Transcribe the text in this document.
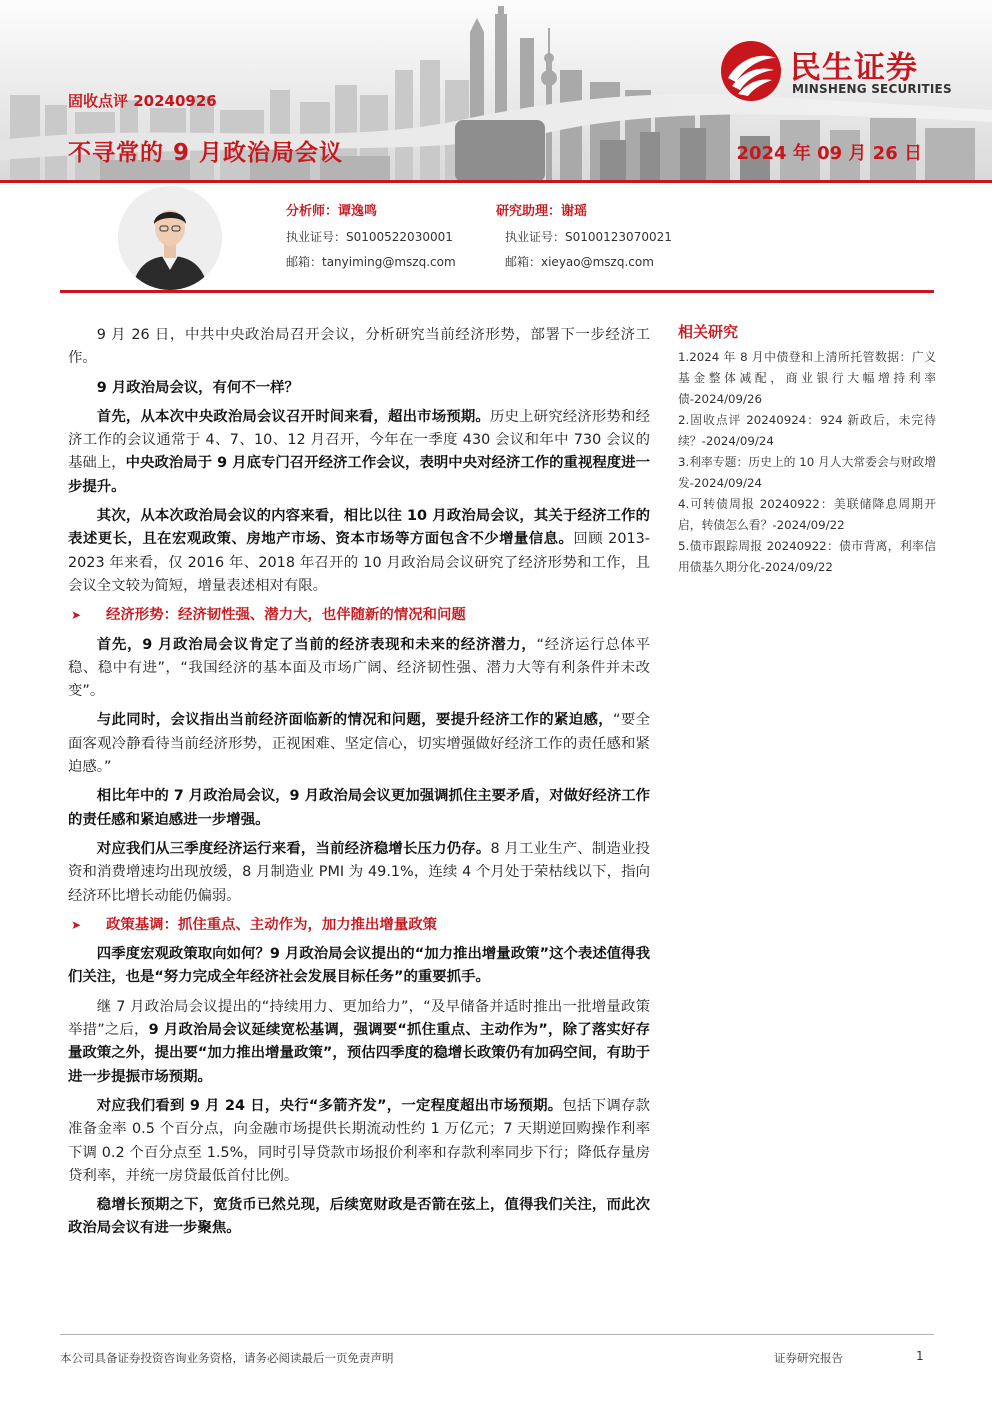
固收点评 20240926
不寻常的 9 月政治局会议	2024 年 09 月 26 日
民生证券
MINSHENG SECURITIES
分析师：谭逸鸣
执业证号：S0100522030001
邮箱：tanyiming@mszq.com
研究助理：谢瑶
执业证号：S0100123070021
邮箱：xieyao@mszq.com

9 月 26 日，中共中央政治局召开会议，分析研究当前经济形势，部署下一步经济工作。

9 月政治局会议，有何不一样？

首先，从本次中央政治局会议召开时间来看，超出市场预期。历史上研究经济形势和经济工作的会议通常于 4、7、10、12 月召开，今年在一季度 430 会议和年中 730 会议的基础上，中央政治局于 9 月底专门召开经济工作会议，表明中央对经济工作的重视程度进一步提升。

其次，从本次政治局会议的内容来看，相比以往 10 月政治局会议，其关于经济工作的表述更长，且在宏观政策、房地产市场、资本市场等方面包含不少增量信息。回顾 2013-2023 年来看，仅 2016 年、2018 年召开的 10 月政治局会议研究了经济形势和工作，且会议全文较为简短，增量表述相对有限。

➤	经济形势：经济韧性强、潜力大，也伴随新的情况和问题

首先，9 月政治局会议肯定了当前的经济表现和未来的经济潜力，“经济运行总体平稳、稳中有进”，“我国经济的基本面及市场广阔、经济韧性强、潜力大等有利条件并未改变”。

与此同时，会议指出当前经济面临新的情况和问题，要提升经济工作的紧迫感，“要全面客观冷静看待当前经济形势，正视困难、坚定信心，切实增强做好经济工作的责任感和紧迫感。”

相比年中的 7 月政治局会议，9 月政治局会议更加强调抓住主要矛盾，对做好经济工作的责任感和紧迫感进一步增强。

对应我们从三季度经济运行来看，当前经济稳增长压力仍存。8 月工业生产、制造业投资和消费增速均出现放缓，8 月制造业 PMI 为 49.1%，连续 4 个月处于荣枯线以下，指向经济环比增长动能仍偏弱。

➤	政策基调：抓住重点、主动作为，加力推出增量政策

四季度宏观政策取向如何？9 月政治局会议提出的“加力推出增量政策”这个表述值得我们关注，也是“努力完成全年经济社会发展目标任务”的重要抓手。

继 7 月政治局会议提出的“持续用力、更加给力”，“及早储备并适时推出一批增量政策举措”之后，9 月政治局会议延续宽松基调，强调要“抓住重点、主动作为”，除了落实好存量政策之外，提出要“加力推出增量政策”，预估四季度的稳增长政策仍有加码空间，有助于进一步提振市场预期。

对应我们看到 9 月 24 日，央行“多箭齐发”，一定程度超出市场预期。包括下调存款准备金率 0.5 个百分点，向金融市场提供长期流动性约 1 万亿元；7 天期逆回购操作利率下调 0.2 个百分点至 1.5%，同时引导贷款市场报价利率和存款利率同步下行；降低存量房贷利率，并统一房贷最低首付比例。

稳增长预期之下，宽货币已然兑现，后续宽财政是否箭在弦上，值得我们关注，而此次政治局会议有进一步聚焦。

相关研究
1.2024 年 8 月中债登和上清所托管数据：广义基金整体减配，商业银行大幅增持利率债-2024/09/26
2.固收点评 20240924：924 新政后，未完待续？-2024/09/24
3.利率专题：历史上的 10 月人大常委会与财政增发-2024/09/24
4.可转债周报 20240922：美联储降息周期开启，转债怎么看？-2024/09/22
5.债市跟踪周报 20240922：债市背离，利率信用债基久期分化-2024/09/22
本公司具备证券投资咨询业务资格，请务必阅读最后一页免责声明	证券研究报告	1
